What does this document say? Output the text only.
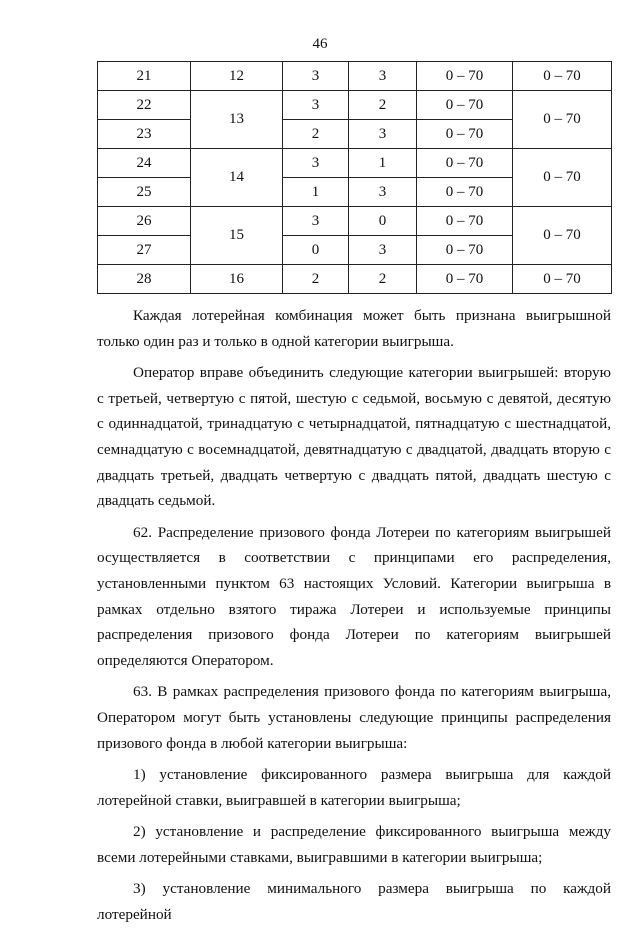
46
21	12	3	3	0 – 70	0 – 70
22	13	3	2	0 – 70	0 – 70
23		2	3	0 – 70	
24	14	3	1	0 – 70	0 – 70
25		1	3	0 – 70	
26	15	3	0	0 – 70	0 – 70
27		0	3	0 – 70	
28	16	2	2	0 – 70	0 – 70

Каждая лотерейная комбинация может быть признана выигрышной только один раз и только в одной категории выигрыша.

Оператор вправе объединить следующие категории выигрышей: вторую с третьей, четвертую с пятой, шестую с седьмой, восьмую с девятой, десятую с одиннадцатой, тринадцатую с четырнадцатой, пятнадцатую с шестнадцатой, семнадцатую с восемнадцатой, девятнадцатую с двадцатой, двадцать вторую с двадцать третьей, двадцать четвертую с двадцать пятой, двадцать шестую с двадцать седьмой.

62. Распределение призового фонда Лотереи по категориям выигрышей осуществляется в соответствии с принципами его распределения, установленными пунктом 63 настоящих Условий. Категории выигрыша в рамках отдельно взятого тиража Лотереи и используемые принципы распределения призового фонда Лотереи по категориям выигрышей определяются Оператором.

63. В рамках распределения призового фонда по категориям выигрыша, Оператором могут быть установлены следующие принципы распределения призового фонда в любой категории выигрыша:

1) установление фиксированного размера выигрыша для каждой лотерейной ставки, выигравшей в категории выигрыша;

2) установление и распределение фиксированного выигрыша между всеми лотерейными ставками, выигравшими в категории выигрыша;

3) установление минимального размера выигрыша по каждой лотерейной
